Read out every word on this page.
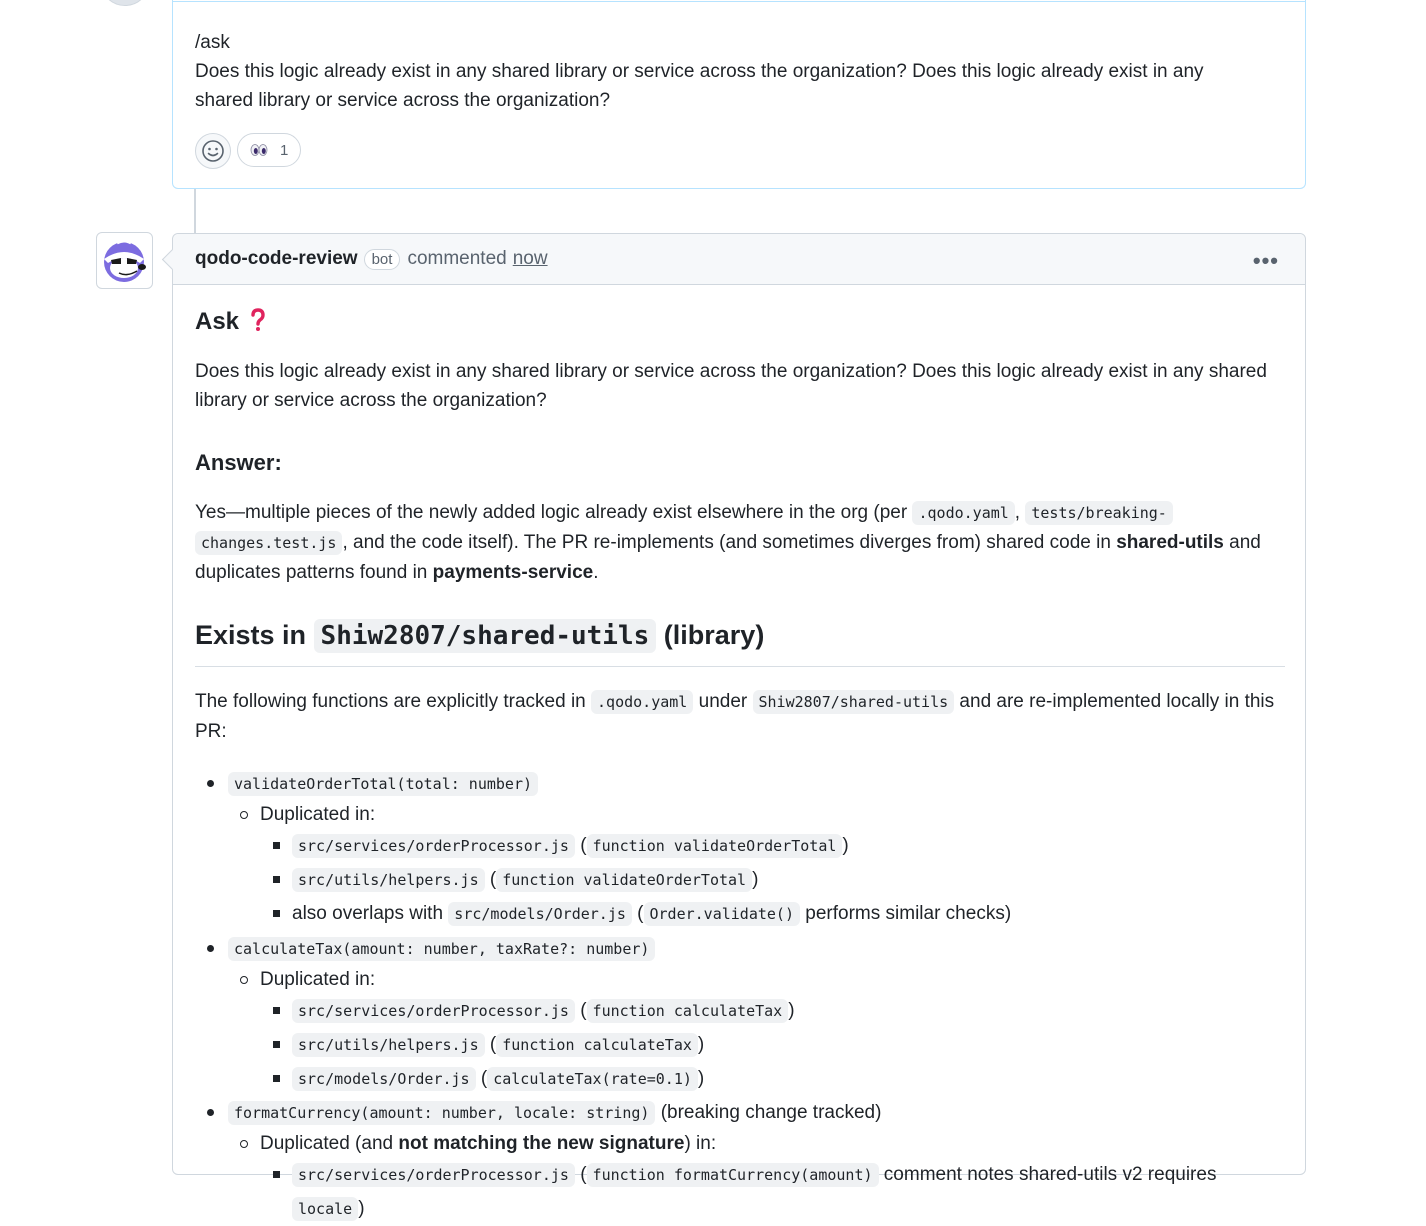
/ask
Does this logic already exist in any shared library or service across the organization? Does this logic already exist in any shared library or service across the organization?
1
qodo-code-review bot commented now	•••
Ask

Does this logic already exist in any shared library or service across the organization? Does this logic already exist in any shared library or service across the organization?

Answer:

Yes—multiple pieces of the newly added logic already exist elsewhere in the org (per .qodo.yaml , tests/breaking-
changes.test.js , and the code itself). The PR re-implements (and sometimes diverges from) shared code in shared-utils and duplicates patterns found in payments-service.

Exists in Shiw2807/shared-utils (library)

The following functions are explicitly tracked in .qodo.yaml under Shiw2807/shared-utils and are re-implemented locally in this PR:

validateOrderTotal(total: number)
Duplicated in:
src/services/orderProcessor.js ( function validateOrderTotal )
src/utils/helpers.js ( function validateOrderTotal )
also overlaps with src/models/Order.js ( Order.validate() performs similar checks)
calculateTax(amount: number, taxRate?: number)
Duplicated in:
src/services/orderProcessor.js ( function calculateTax )
src/utils/helpers.js ( function calculateTax )
src/models/Order.js ( calculateTax(rate=0.1) )
formatCurrency(amount: number, locale: string) (breaking change tracked)
Duplicated (and not matching the new signature) in:
src/services/orderProcessor.js ( function formatCurrency(amount) comment notes shared-utils v2 requires locale )
